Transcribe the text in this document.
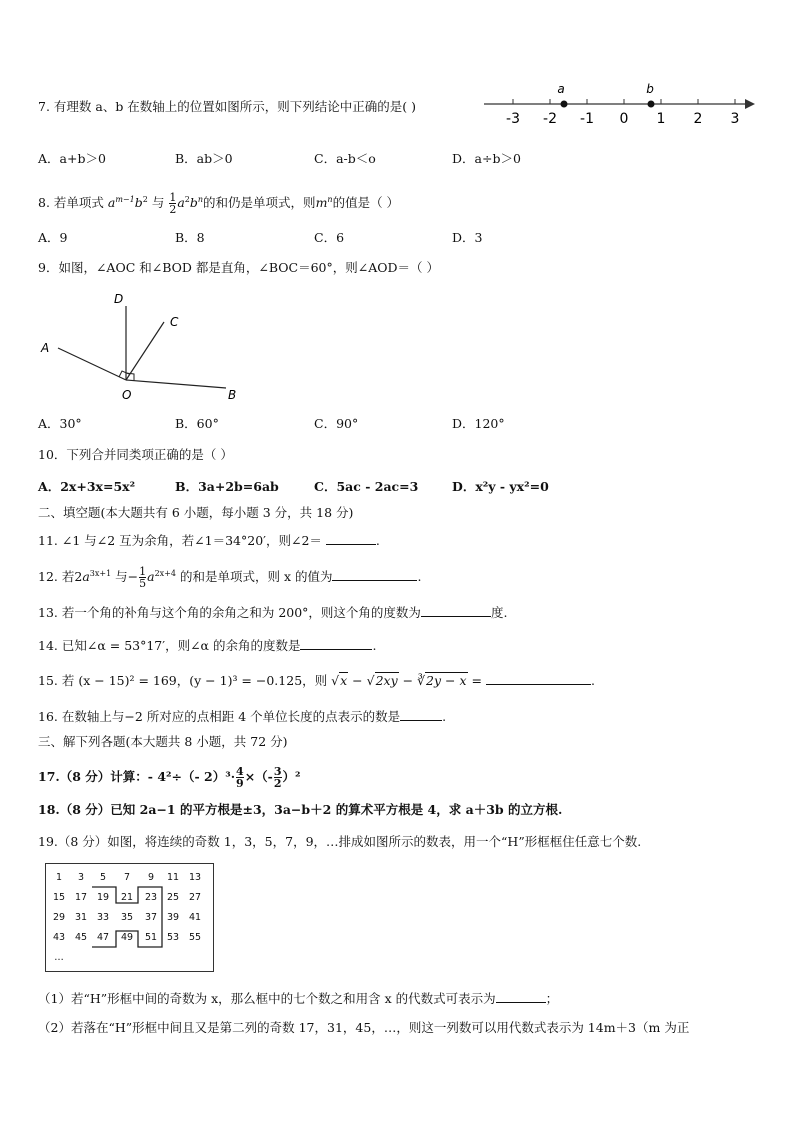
7. 有理数 a、b 在数轴上的位置如图所示，则下列结论中正确的是( )
-3 -2 -1 0 1 2 3
a	b
A．a+b＞0	B．ab＞0	C．a-b＜o	D．a÷b＞0
8. 若单项式 $a^{m-1}b^2$ 与 $\frac{1}{2} a^2b^n$的和仍是单项式，则$m^n$的值是（ ）
A．9	B．8	C．6	D．3
9．如图，∠AOC 和∠BOD 都是直角，∠BOC＝60°，则∠AOD＝（ ）
D
C
A
O	B
A．30°	B．60°	C．90°	D．120°
10．下列合并同类项正确的是（ ）
A．2x+3x=5x²	B．3a+2b=6ab	C．5ac - 2ac=3	D．x²y - yx²=0
二、填空题(本大题共有 6 小题，每小题 3 分，共 18 分)
11. ∠1 与∠2 互为余角，若∠1＝34°20′，则∠2＝	.
12. 若$2a^{3x+1}$ 与− $\frac{1}{5} a^{2x+4}$ 的和是单项式，则 x 的值为	.
13. 若一个角的补角与这个角的余角之和为 200°，则这个角的度数为	度.
14. 已知∠α = 53°17′，则∠α 的余角的度数是	.
15. 若 (x − 15)² = 169，(y − 1)³ = −0.125，则 √x − √2xy − ∛2y − x =	.
16. 在数轴上与−2 所对应的点相距 4 个单位长度的点表示的数是	.
三、解下列各题(本大题共 8 小题，共 72 分)
17.（8 分）计算：- 4²÷（- $2)^3\cdot \frac{4}{9}$ ×（- $\frac{3}{2} )^2$
18.（8 分）已知 2a−1 的平方根是±3，3a−b＋2 的算术平方根是 4，求 a＋3b 的立方根.
19.（8 分）如图，将连续的奇数 1，3，5，7，9，…排成如图所示的数表，用一个“H”形框框住任意七个数.
1	3	5	7	9	11	13
15	17	19	21	23	25	27
29	31	33	35	37	39	41
43	45	47	49	51	53	55
…
（1）若“H”形框中间的奇数为 x，那么框中的七个数之和用含 x 的代数式可表示为	；
（2）若落在“H”形框中间且又是第二列的奇数 17，31，45，…，则这一列数可以用代数式表示为 14m＋3（m 为正
